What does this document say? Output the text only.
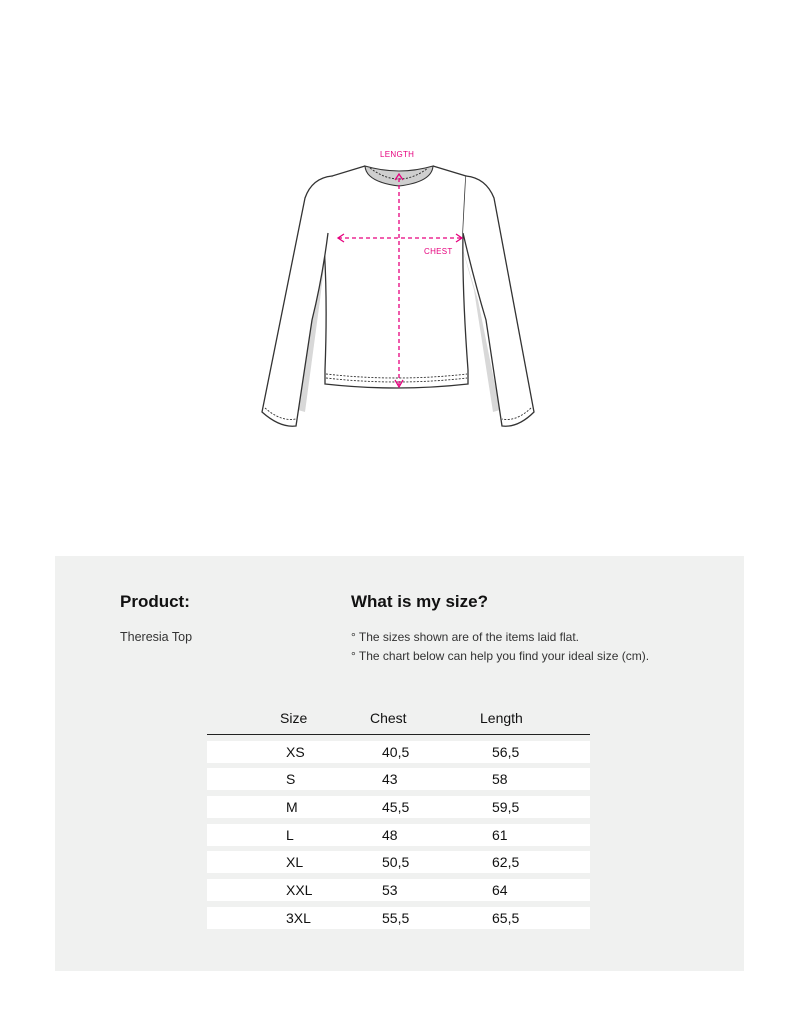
LENGTH
CHEST
Product:
Theresia Top
What is my size?
° The sizes shown are of the items laid flat.
° The chart below can help you find your ideal size (cm).
Size	Chest	Length
XS	40,5	56,5
S	43	58
M	45,5	59,5
L	48	61
XL	50,5	62,5
XXL	53	64
3XL	55,5	65,5
